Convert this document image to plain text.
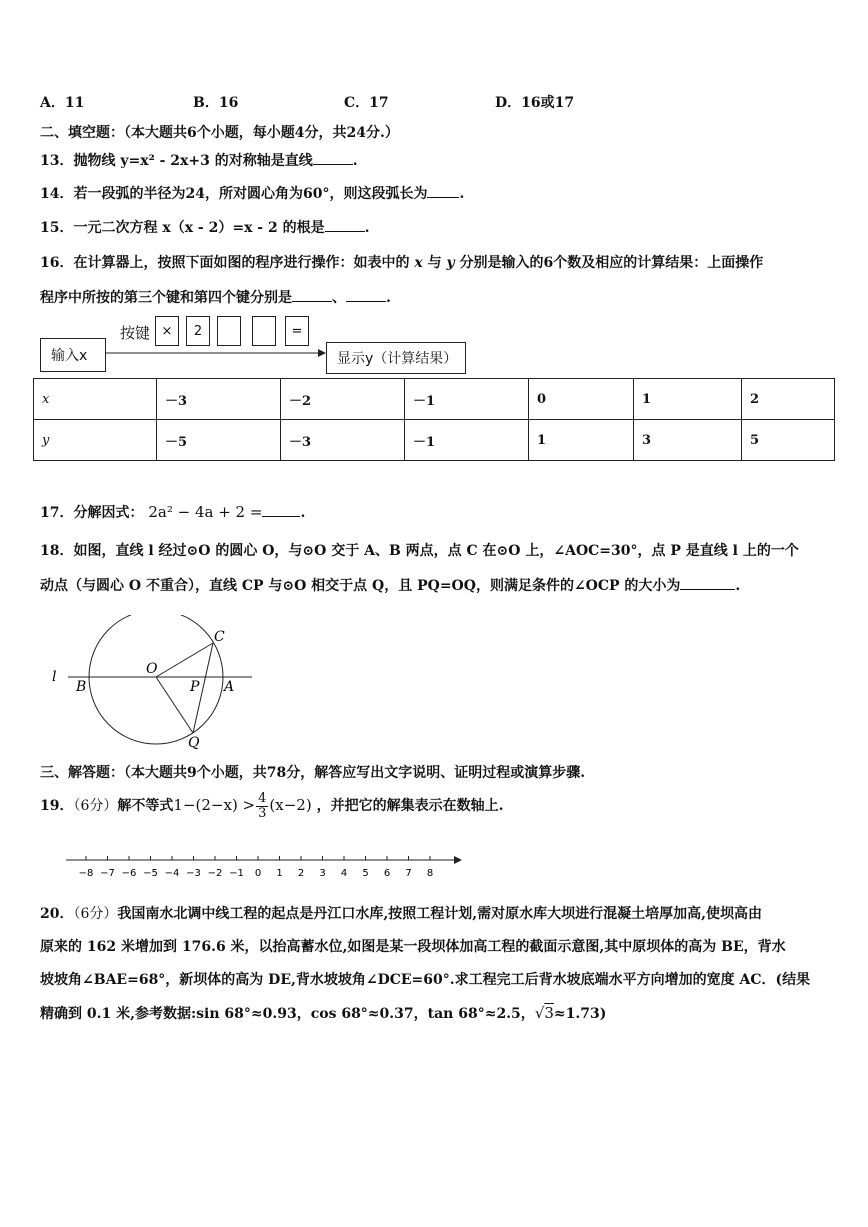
A．11	B．16	C．17	D．16或17
二、填空题：（本大题共6个小题，每小题4分，共24分.）
13．抛物线 y=x² - 2x+3 的对称轴是直线	.
14．若一段弧的半径为24，所对圆心角为60°，则这段弧长为 .
15．一元二次方程 x（x - 2）=x - 2 的根是	.
16．在计算器上，按照下面如图的程序进行操作：如表中的 x 与 y 分别是输入的6个数及相应的计算结果：上面操作
程序中所按的第三个键和第四个键分别是	、	.
输入x
按键 ×	2	=
显示y（计算结果）
x	－3	－2	－1	0	1	2
y	－5	－3	－1	1	3	5
17．分解因式： 2a² − 4a + 2 =	.
18．如图，直线 l 经过⊙O 的圆心 O，与⊙O 交于 A、B 两点，点 C 在⊙O 上，∠AOC=30°，点 P 是直线 l 上的一个
动点（与圆心 O 不重合），直线 CP 与⊙O 相交于点 Q，且 PQ=OQ，则满足条件的∠OCP 的大小为	.
l
B
O
P A
C
Q
三、解答题：（本大题共9个小题，共78分，解答应写出文字说明、证明过程或演算步骤.
19．（6分）解不等式$1-(2-x) > \frac{4}{3} (x-2)$ ，并把它的解集表示在数轴上.
−8 −7 −6 −5 −4 −3 −2 −1 0 1 2 3 4 5 6 7 8
20．（6分）我国南水北调中线工程的起点是丹江口水库,按照工程计划,需对原水库大坝进行混凝土培厚加高,使坝高由
原来的 162 米增加到 176.6 米，以抬高蓄水位,如图是某一段坝体加高工程的截面示意图,其中原坝体的高为 BE，背水
坡坡角∠BAE=68°，新坝体的高为 DE,背水坡坡角∠DCE=60°.求工程完工后背水坡底端水平方向增加的宽度 AC．(结果
精确到 0.1 米,参考数据:sin 68°≈0.93，cos 68°≈0.37，tan 68°≈2.5，√3≈1.73)
